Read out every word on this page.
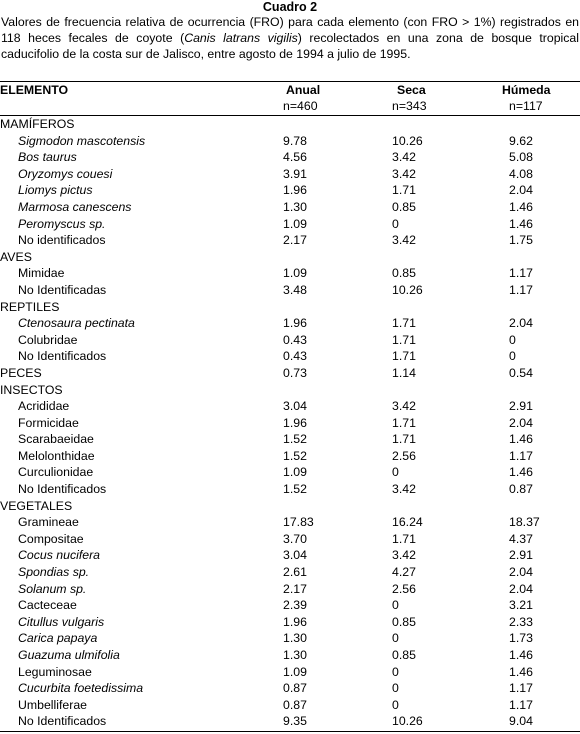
Cuadro 2
Valores de frecuencia relativa de ocurrencia (FRO) para cada elemento (con FRO > 1%) registrados en 118 heces fecales de coyote (Canis latrans vigilis) recolectados en una zona de bosque tropical caducifolio de la costa sur de Jalisco, entre agosto de 1994 a julio de 1995.
ELEMENTO	Anual	Seca	Húmeda
n=460	n=343	n=117
MAMÍFEROS
Sigmodon mascotensis	9.78	10.26	9.62
Bos taurus	4.56	3.42	5.08
Oryzomys couesi	3.91	3.42	4.08
Liomys pictus	1.96	1.71	2.04
Marmosa canescens	1.30	0.85	1.46
Peromyscus sp.	1.09	0	1.46
No identificados	2.17	3.42	1.75
AVES
Mimidae	1.09	0.85	1.17
No Identificadas	3.48	10.26	1.17
REPTILES
Ctenosaura pectinata	1.96	1.71	2.04
Colubridae	0.43	1.71	0
No Identificados	0.43	1.71	0
PECES	0.73	1.14	0.54
INSECTOS
Acrididae	3.04	3.42	2.91
Formicidae	1.96	1.71	2.04
Scarabaeidae	1.52	1.71	1.46
Melolonthidae	1.52	2.56	1.17
Curculionidae	1.09	0	1.46
No Identificados	1.52	3.42	0.87
VEGETALES
Gramineae	17.83	16.24	18.37
Compositae	3.70	1.71	4.37
Cocus nucifera	3.04	3.42	2.91
Spondias sp.	2.61	4.27	2.04
Solanum sp.	2.17	2.56	2.04
Cacteceae	2.39	0	3.21
Citullus vulgaris	1.96	0.85	2.33
Carica papaya	1.30	0	1.73
Guazuma ulmifolia	1.30	0.85	1.46
Leguminosae	1.09	0	1.46
Cucurbita foetedissima	0.87	0	1.17
Umbelliferae	0.87	0	1.17
No Identificados	9.35	10.26	9.04
